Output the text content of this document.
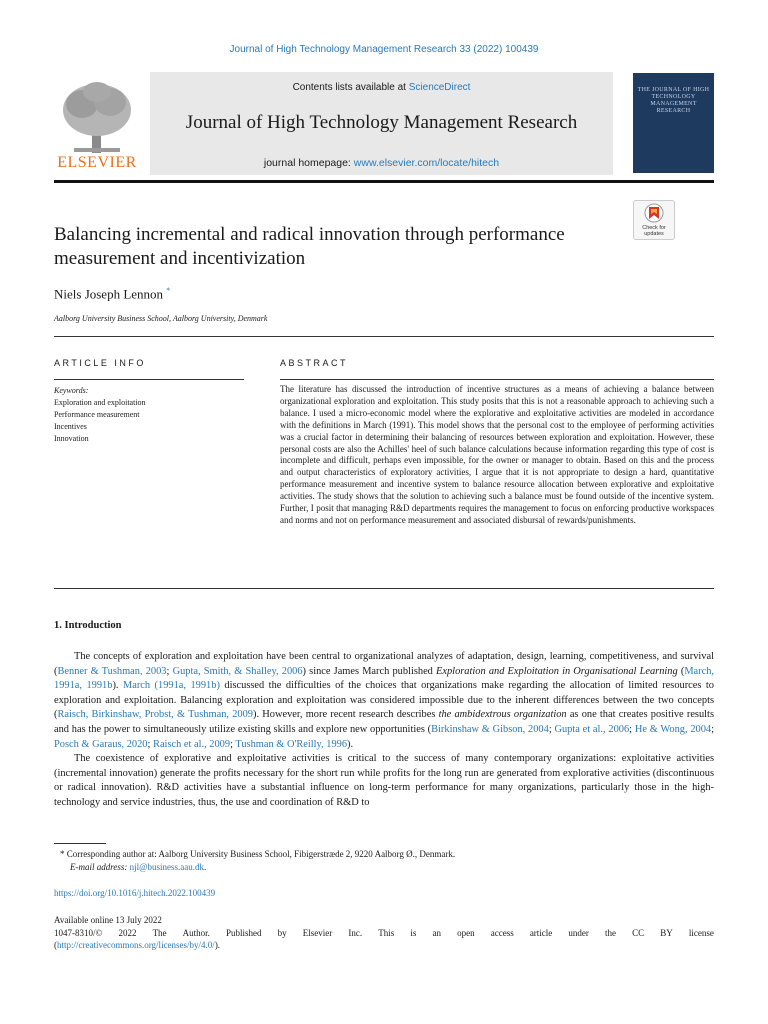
Journal of High Technology Management Research 33 (2022) 100439
ELSEVIER
Contents lists available at ScienceDirect
Journal of High Technology Management Research
journal homepage: www.elsevier.com/locate/hitech
THE JOURNAL OF HIGH TECHNOLOGY MANAGEMENT RESEARCH
Check for updates
Balancing incremental and radical innovation through performance measurement and incentivization
Niels Joseph Lennon *
Aalborg University Business School, Aalborg University, Denmark
ARTICLE INFO	ABSTRACT
Keywords:
Exploration and exploitation
Performance measurement
Incentives
Innovation
The literature has discussed the introduction of incentive structures as a means of achieving a balance between organizational exploration and exploitation. This study posits that this is not a reasonable approach to achieving such a balance. I used a micro-economic model where the explorative and exploitative activities are modeled in accordance with the definitions in March (1991). This model shows that the personal cost to the employee of performing activities was a crucial factor in determining their balancing of resources between exploration and exploitation. However, these personal costs are also the Achilles' heel of such balance calculations because information regarding this type of cost is incomplete and difficult, perhaps even impossible, for the owner or manager to obtain. Based on this and the process and output characteristics of exploratory activities, I argue that it is not appropriate to design a hard, quantitative performance measurement and incentive system to balance resource allocation between explorative and exploitative activities. The study shows that the solution to achieving such a balance must be found outside of the incentive system. Further, I posit that managing R&D departments requires the management to focus on enforcing productive workspaces and norms and not on performance measurement and associated disbursal of rewards/punishments.
1. Introduction

The concepts of exploration and exploitation have been central to organizational analyzes of adaptation, design, learning, competitiveness, and survival (Benner & Tushman, 2003; Gupta, Smith, & Shalley, 2006) since James March published Exploration and Exploitation in Organisational Learning (March, 1991a, 1991b). March (1991a, 1991b) discussed the difficulties of the choices that organizations make regarding the allocation of limited resources to exploration and exploitation. Balancing exploration and exploitation was considered impossible due to the inherent differences between the two concepts (Raisch, Birkinshaw, Probst, & Tushman, 2009). However, more recent research describes the ambidextrous organization as one that creates positive results and has the power to simultaneously utilize existing skills and explore new opportunities (Birkinshaw & Gibson, 2004; Gupta et al., 2006; He & Wong, 2004; Posch & Garaus, 2020; Raisch et al., 2009; Tushman & O'Reilly, 1996).

The coexistence of explorative and exploitative activities is critical to the success of many contemporary organizations: exploitative activities (incremental innovation) generate the profits necessary for the short run while profits for the long run are generated from explorative activities (discontinuous or radical innovation). R&D activities have a substantial influence on long-term performance for many organizations, particularly those in the high-technology and service industries, thus, the use and coordination of R&D to

* Corresponding author at: Aalborg University Business School, Fibigerstræde 2, 9220 Aalborg Ø., Denmark.
E-mail address: njl@business.aau.dk.
https://doi.org/10.1016/j.hitech.2022.100439
Available online 13 July 2022
1047-8310/© 2022 The Author. Published by Elsevier Inc. This is an open access article under the CC BY license
(http://creativecommons.org/licenses/by/4.0/).
